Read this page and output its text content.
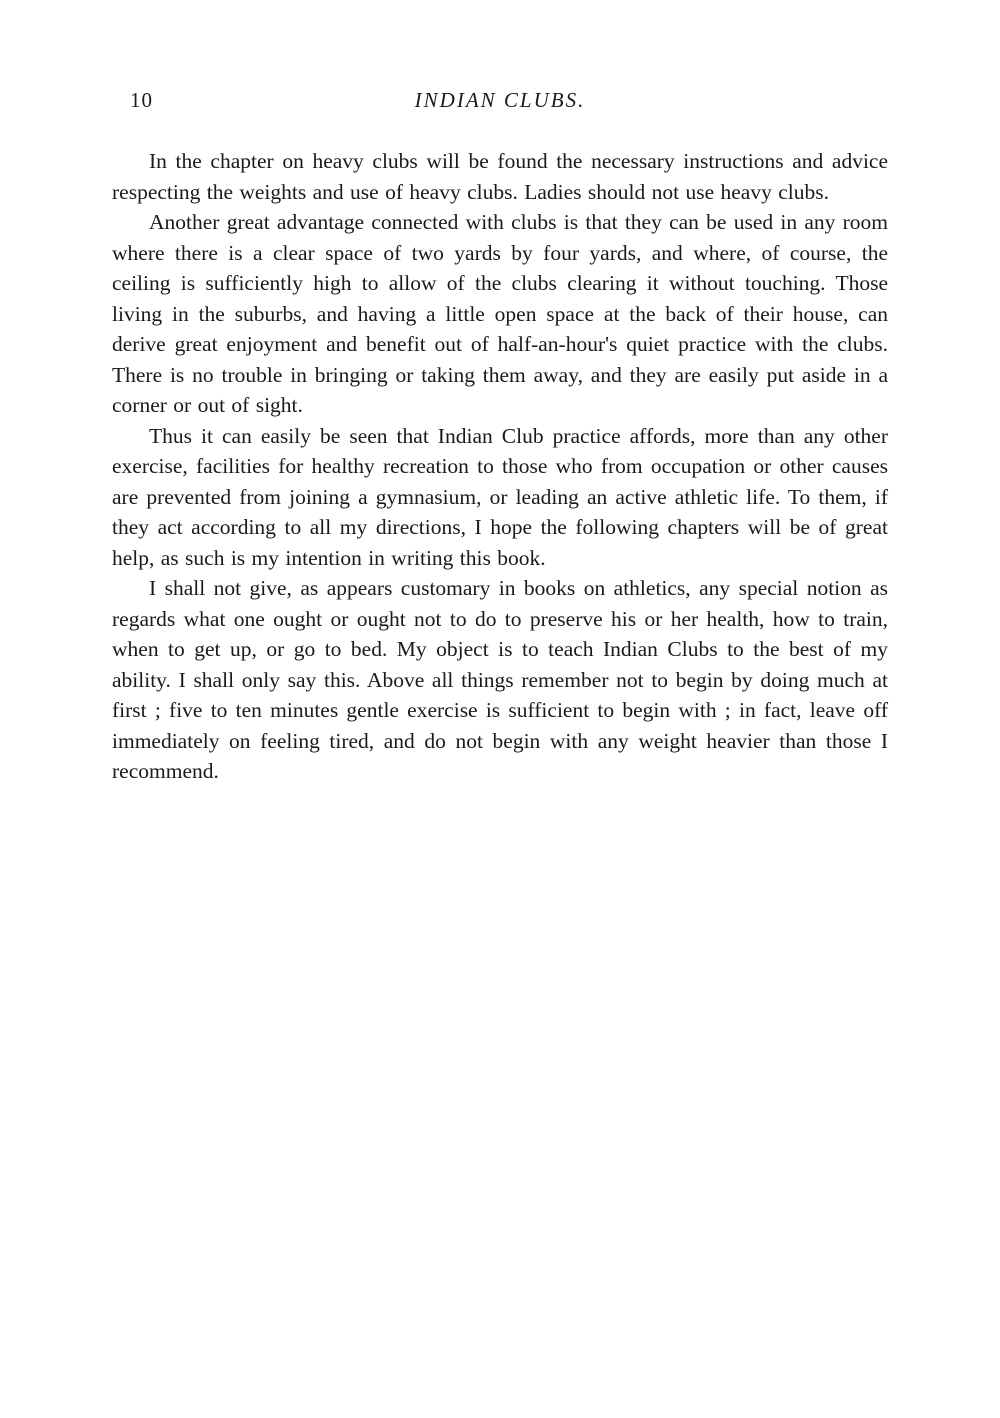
10	INDIAN CLUBS.

In the chapter on heavy clubs will be found the necessary instructions and advice respecting the weights and use of heavy clubs. Ladies should not use heavy clubs.

Another great advantage connected with clubs is that they can be used in any room where there is a clear space of two yards by four yards, and where, of course, the ceiling is sufficiently high to allow of the clubs clearing it without touching. Those living in the suburbs, and having a little open space at the back of their house, can derive great enjoyment and benefit out of half-an-hour's quiet practice with the clubs. There is no trouble in bringing or taking them away, and they are easily put aside in a corner or out of sight.

Thus it can easily be seen that Indian Club practice affords, more than any other exercise, facilities for healthy recreation to those who from occupation or other causes are prevented from joining a gymnasium, or leading an active athletic life. To them, if they act according to all my directions, I hope the following chapters will be of great help, as such is my intention in writing this book.

I shall not give, as appears customary in books on athletics, any special notion as regards what one ought or ought not to do to preserve his or her health, how to train, when to get up, or go to bed. My object is to teach Indian Clubs to the best of my ability. I shall only say this. Above all things remember not to begin by doing much at first ; five to ten minutes gentle exercise is sufficient to begin with ; in fact, leave off immediately on feeling tired, and do not begin with any weight heavier than those I recommend.
